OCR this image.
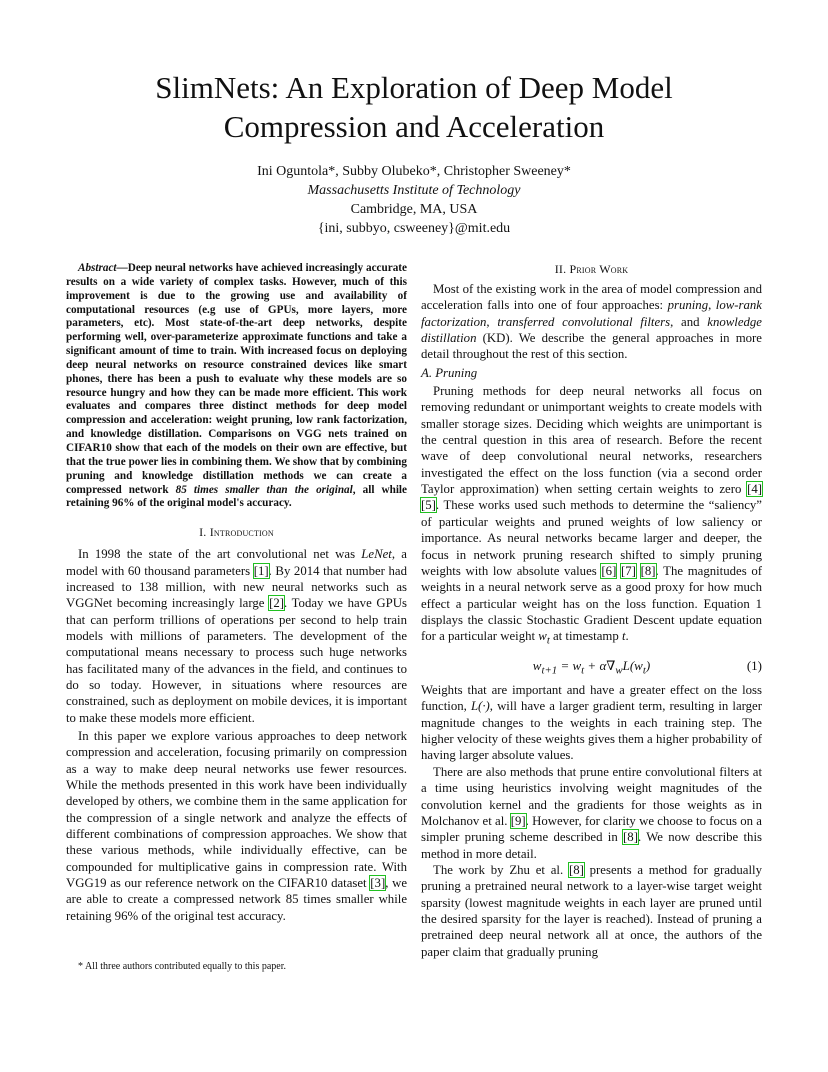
SlimNets: An Exploration of Deep Model
Compression and Acceleration
Ini Oguntola*, Subby Olubeko*, Christopher Sweeney*
Massachusetts Institute of Technology
Cambridge, MA, USA
{ini, subbyo, csweeney}@mit.edu

Abstract—Deep neural networks have achieved increasingly accurate results on a wide variety of complex tasks. However, much of this improvement is due to the growing use and availability of computational resources (e.g use of GPUs, more layers, more parameters, etc). Most state-of-the-art deep networks, despite performing well, over-parameterize approximate functions and take a significant amount of time to train. With increased focus on deploying deep neural networks on resource constrained devices like smart phones, there has been a push to evaluate why these models are so resource hungry and how they can be made more efficient. This work evaluates and compares three distinct methods for deep model compression and acceleration: weight pruning, low rank factorization, and knowledge distillation. Comparisons on VGG nets trained on CIFAR10 show that each of the models on their own are effective, but that the true power lies in combining them. We show that by combining pruning and knowledge distillation methods we can create a compressed network 85 times smaller than the original, all while retaining 96% of the original model's accuracy.

I. Introduction

In 1998 the state of the art convolutional net was LeNet, a model with 60 thousand parameters [1]. By 2014 that number had increased to 138 million, with new neural networks such as VGGNet becoming increasingly large [2]. Today we have GPUs that can perform trillions of operations per second to help train models with millions of parameters. The development of the computational means necessary to process such huge networks has facilitated many of the advances in the field, and continues to do so today. However, in situations where resources are constrained, such as deployment on mobile devices, it is important to make these models more efficient.

In this paper we explore various approaches to deep network compression and acceleration, focusing primarily on compression as a way to make deep neural networks use fewer resources. While the methods presented in this work have been individually developed by others, we combine them in the same application for the compression of a single network and analyze the effects of different combinations of compression approaches. We show that these various methods, while individually effective, can be compounded for multiplicative gains in compression rate. With VGG19 as our reference network on the CIFAR10 dataset [3], we are able to create a compressed network 85 times smaller while retaining 96% of the original test accuracy.

* All three authors contributed equally to this paper.

II. Prior Work

Most of the existing work in the area of model compression and acceleration falls into one of four approaches: pruning, low-rank factorization, transferred convolutional filters, and knowledge distillation (KD). We describe the general approaches in more detail throughout the rest of this section.

A. Pruning

Pruning methods for deep neural networks all focus on removing redundant or unimportant weights to create models with smaller storage sizes. Deciding which weights are unimportant is the central question in this area of research. Before the recent wave of deep convolutional neural networks, researchers investigated the effect on the loss function (via a second order Taylor approximation) when setting certain weights to zero [4] [5]. These works used such methods to determine the “saliency” of particular weights and pruned weights of low saliency or importance. As neural networks became larger and deeper, the focus in network pruning research shifted to simply pruning weights with low absolute values [6] [7] [8]. The magnitudes of weights in a neural network serve as a good proxy for how much effect a particular weight has on the loss function. Equation 1 displays the classic Stochastic Gradient Descent update equation for a particular weight $w_t$ at timestamp t.

$w_{t+1} = w_t + \alpha\nabla_wL(w_t)$	(1)

Weights that are important and have a greater effect on the loss function, L(·), will have a larger gradient term, resulting in larger magnitude changes to the weights in each training step. The higher velocity of these weights gives them a higher probability of having larger absolute values.

There are also methods that prune entire convolutional filters at a time using heuristics involving weight magnitudes of the convolution kernel and the gradients for those weights as in Molchanov et al. [9]. However, for clarity we choose to focus on a simpler pruning scheme described in [8]. We now describe this method in more detail.

The work by Zhu et al. [8] presents a method for gradually pruning a pretrained neural network to a layer-wise target weight sparsity (lowest magnitude weights in each layer are pruned until the desired sparsity for the layer is reached). Instead of pruning a pretrained deep neural network all at once, the authors of the paper claim that gradually pruning
